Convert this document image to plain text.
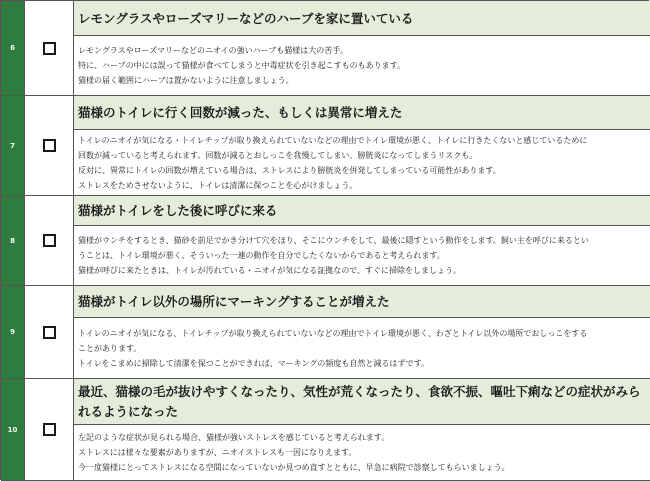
6
レモングラスやローズマリーなどのハーブを家に置いている
レモングラスやローズマリーなどのニオイの強いハーブも猫様は大の苦手。
特に、ハーブの中には誤って猫様が食べてしまうと中毒症状を引き起こすものもあります。
猫様の届く範囲にハーブは置かないように注意しましょう。
7
猫様のトイレに行く回数が減った、もしくは異常に増えた
トイレのニオイが気になる・トイレチップが取り換えられていないなどの理由でトイレ環境が悪く、トイレに行きたくないと感じているために
回数が減っていると考えられます。回数が減るとおしっこを我慢してしまい、膀胱炎になってしまうリスクも。
反対に、異常にトイレの回数が増えている場合は、ストレスにより膀胱炎を併発してしまっている可能性があります。
ストレスをためさせないように、トイレは清潔に保つことを心がけましょう。
8
猫様がトイレをした後に呼びに来る
猫様がウンチをするとき、猫砂を前足でかき分けて穴をほり、そこにウンチをして、最後に隠すという動作をします。飼い主を呼びに来るとい
うことは、トイレ環境が悪く、そういった一連の動作を自分でしたくないからであると考えられます。
猫様が呼びに来たときは、トイレが汚れている・ニオイが気になる証拠なので、すぐに掃除をしましょう。
9
猫様がトイレ以外の場所にマーキングすることが増えた
トイレのニオイが気になる、トイレチップが取り換えられていないなどの理由でトイレ環境が悪く、わざとトイレ以外の場所でおしっこをする
ことがあります。
トイレをこまめに掃除して清潔を保つことができれば、マーキングの頻度も自然と減るはずです。
10
最近、猫様の毛が抜けやすくなったり、気性が荒くなったり、食欲不振、嘔吐下痢などの症状がみられるようになった
左記のような症状が見られる場合、猫様が強いストレスを感じていると考えられます。
ストレスには様々な要素がありますが、ニオイストレスも一因になりえます。
今一度猫様にとってストレスになる空間になっていないか見つめ直すとともに、早急に病院で診察してもらいましょう。
